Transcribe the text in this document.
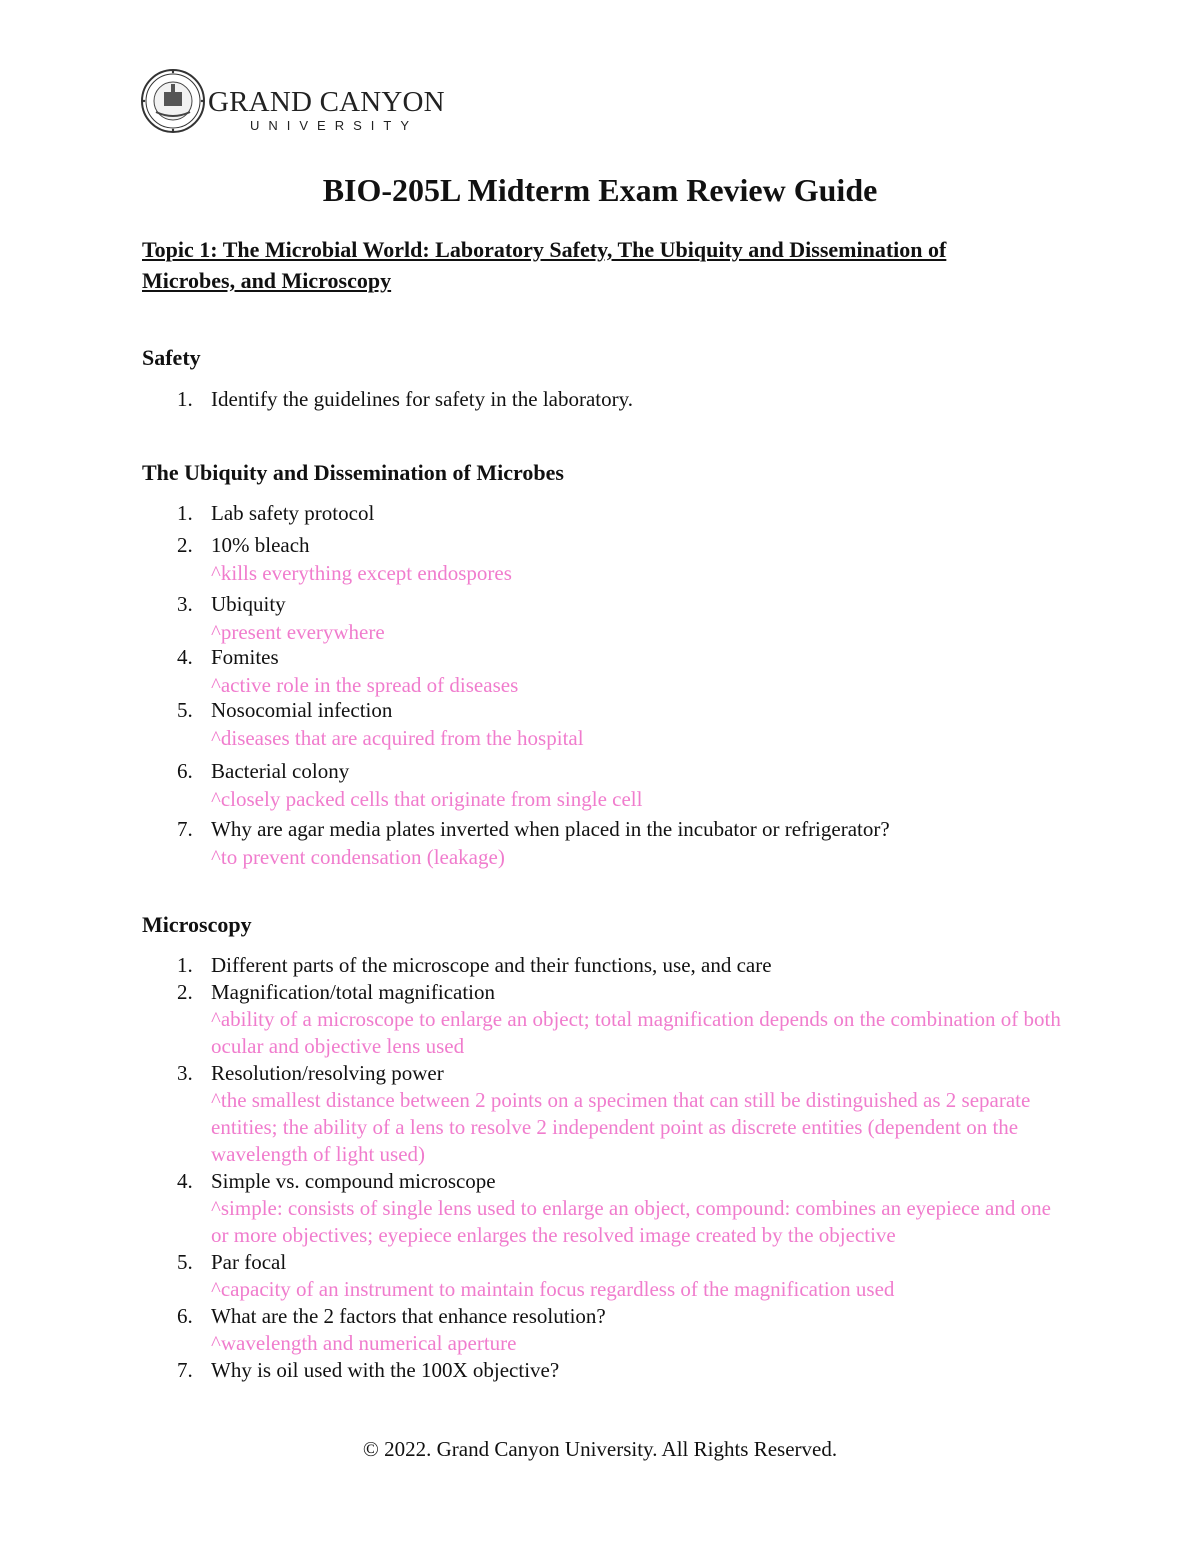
GRAND CANYON
UNIVERSITY
BIO-205L Midterm Exam Review Guide
Topic 1: The Microbial World: Laboratory Safety, The Ubiquity and Dissemination of Microbes, and Microscopy
Safety
1. Identify the guidelines for safety in the laboratory.
The Ubiquity and Dissemination of Microbes
1. Lab safety protocol
2. 10% bleach
^kills everything except endospores
3. Ubiquity
^present everywhere
4. Fomites
^active role in the spread of diseases
5. Nosocomial infection
^diseases that are acquired from the hospital
6. Bacterial colony
^closely packed cells that originate from single cell
7. Why are agar media plates inverted when placed in the incubator or refrigerator?
^to prevent condensation (leakage)
Microscopy
1. Different parts of the microscope and their functions, use, and care
2. Magnification/total magnification
^ability of a microscope to enlarge an object; total magnification depends on the combination of both ocular and objective lens used
3. Resolution/resolving power
^the smallest distance between 2 points on a specimen that can still be distinguished as 2 separate entities; the ability of a lens to resolve 2 independent point as discrete entities (dependent on the wavelength of light used)
4. Simple vs. compound microscope
^simple: consists of single lens used to enlarge an object, compound: combines an eyepiece and one or more objectives; eyepiece enlarges the resolved image created by the objective
5. Par focal
^capacity of an instrument to maintain focus regardless of the magnification used
6. What are the 2 factors that enhance resolution?
^wavelength and numerical aperture
7. Why is oil used with the 100X objective?
© 2022. Grand Canyon University. All Rights Reserved.
